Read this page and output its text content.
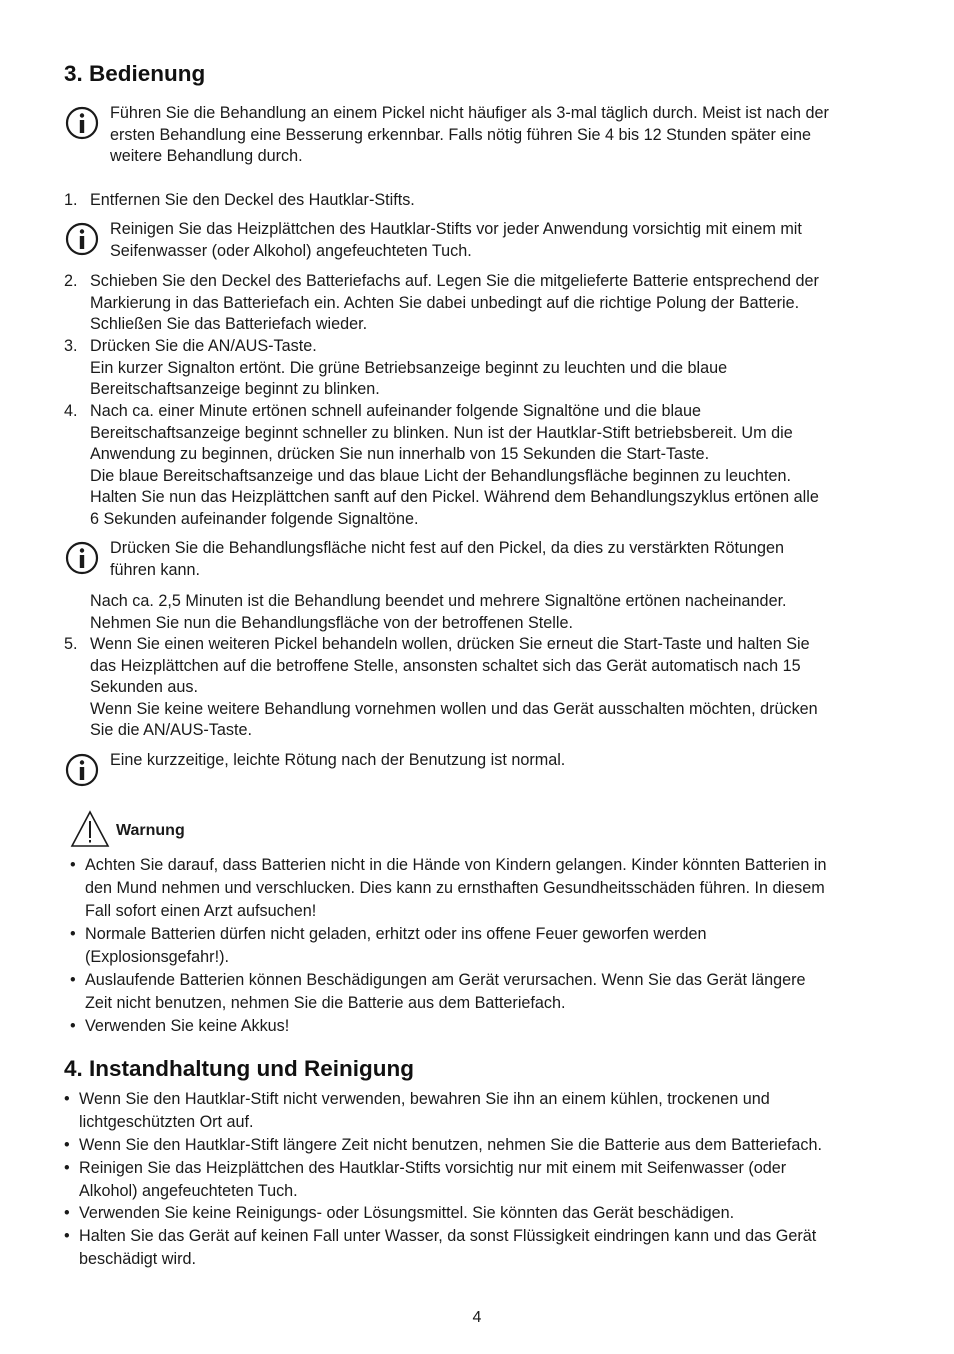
3. Bedienung
Führen Sie die Behandlung an einem Pickel nicht häufiger als 3-mal täglich durch. Meist ist nach der
ersten Behandlung eine Besserung erkennbar. Falls nötig führen Sie 4 bis 12 Stunden später eine
weitere Behandlung durch.
1. Entfernen Sie den Deckel des Hautklar-Stifts.
Reinigen Sie das Heizplättchen des Hautklar-Stifts vor jeder Anwendung vorsichtig mit einem mit
Seifenwasser (oder Alkohol) angefeuchteten Tuch.
2. Schieben Sie den Deckel des Batteriefachs auf. Legen Sie die mitgelieferte Batterie entsprechend der
Markierung in das Batteriefach ein. Achten Sie dabei unbedingt auf die richtige Polung der Batterie.
Schließen Sie das Batteriefach wieder.
3. Drücken Sie die AN/AUS-Taste.
Ein kurzer Signalton ertönt. Die grüne Betriebsanzeige beginnt zu leuchten und die blaue
Bereitschaftsanzeige beginnt zu blinken.
4. Nach ca. einer Minute ertönen schnell aufeinander folgende Signaltöne und die blaue
Bereitschaftsanzeige beginnt schneller zu blinken. Nun ist der Hautklar-Stift betriebsbereit. Um die
Anwendung zu beginnen, drücken Sie nun innerhalb von 15 Sekunden die Start-Taste.
Die blaue Bereitschaftsanzeige und das blaue Licht der Behandlungsfläche beginnen zu leuchten.
Halten Sie nun das Heizplättchen sanft auf den Pickel. Während dem Behandlungszyklus ertönen alle
6 Sekunden aufeinander folgende Signaltöne.
Drücken Sie die Behandlungsfläche nicht fest auf den Pickel, da dies zu verstärkten Rötungen
führen kann.
Nach ca. 2,5 Minuten ist die Behandlung beendet und mehrere Signaltöne ertönen nacheinander.
Nehmen Sie nun die Behandlungsfläche von der betroffenen Stelle.
5. Wenn Sie einen weiteren Pickel behandeln wollen, drücken Sie erneut die Start-Taste und halten Sie
das Heizplättchen auf die betroffene Stelle, ansonsten schaltet sich das Gerät automatisch nach 15
Sekunden aus.
Wenn Sie keine weitere Behandlung vornehmen wollen und das Gerät ausschalten möchten, drücken
Sie die AN/AUS-Taste.
Eine kurzzeitige, leichte Rötung nach der Benutzung ist normal.
Warnung
• Achten Sie darauf, dass Batterien nicht in die Hände von Kindern gelangen. Kinder könnten Batterien in
den Mund nehmen und verschlucken. Dies kann zu ernsthaften Gesundheitsschäden führen. In diesem
Fall sofort einen Arzt aufsuchen!
• Normale Batterien dürfen nicht geladen, erhitzt oder ins offene Feuer geworfen werden
(Explosionsgefahr!).
• Auslaufende Batterien können Beschädigungen am Gerät verursachen. Wenn Sie das Gerät längere
Zeit nicht benutzen, nehmen Sie die Batterie aus dem Batteriefach.
• Verwenden Sie keine Akkus!
4. Instandhaltung und Reinigung
• Wenn Sie den Hautklar-Stift nicht verwenden, bewahren Sie ihn an einem kühlen, trockenen und
lichtgeschützten Ort auf.
• Wenn Sie den Hautklar-Stift längere Zeit nicht benutzen, nehmen Sie die Batterie aus dem Batteriefach.
• Reinigen Sie das Heizplättchen des Hautklar-Stifts vorsichtig nur mit einem mit Seifenwasser (oder
Alkohol) angefeuchteten Tuch.
• Verwenden Sie keine Reinigungs- oder Lösungsmittel. Sie könnten das Gerät beschädigen.
• Halten Sie das Gerät auf keinen Fall unter Wasser, da sonst Flüssigkeit eindringen kann und das Gerät
beschädigt wird.
4
